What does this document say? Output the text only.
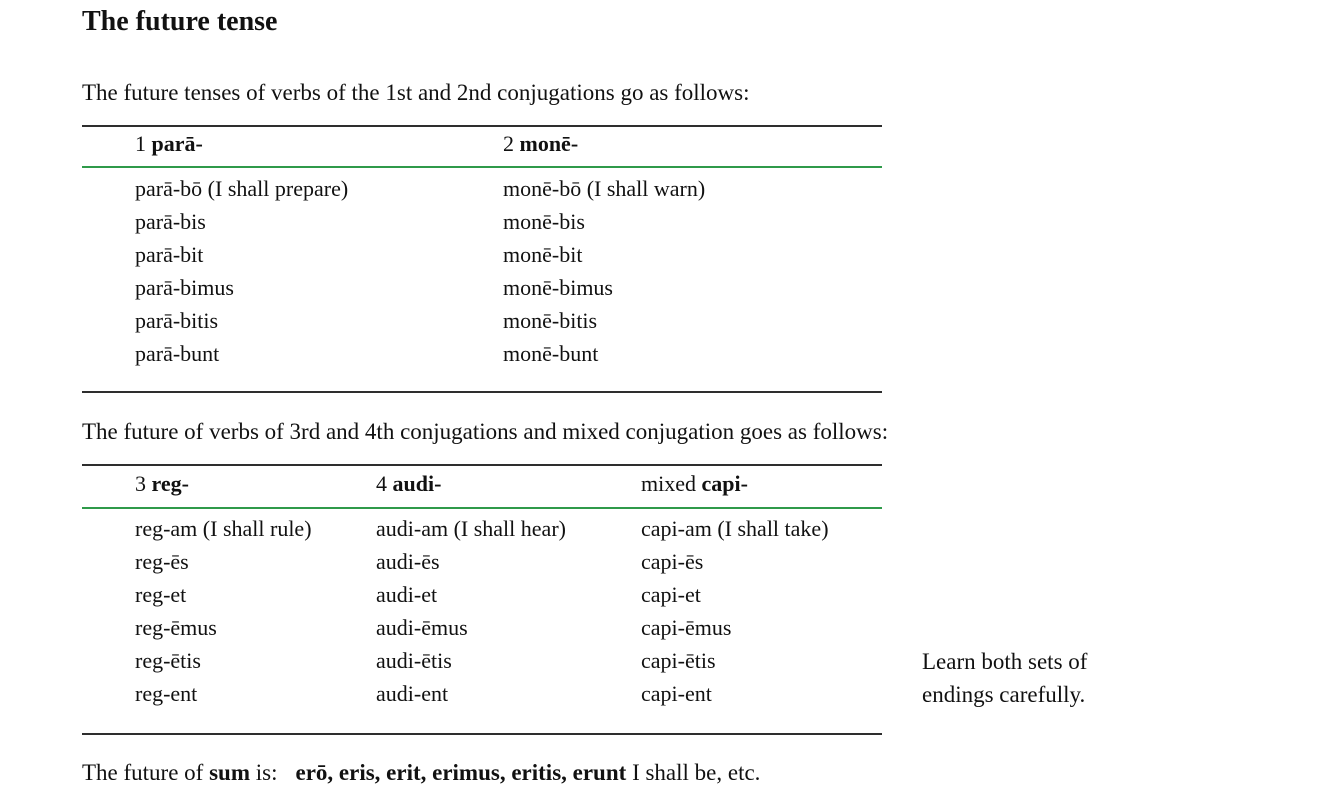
The future tense

The future tenses of verbs of the 1st and 2nd conjugations go as follows:

1 parā-	2 monē-
parā-bō (I shall prepare)	monē-bō (I shall warn)
parā-bis	monē-bis
parā-bit	monē-bit
parā-bimus	monē-bimus
parā-bitis	monē-bitis
parā-bunt	monē-bunt

The future of verbs of 3rd and 4th conjugations and mixed conjugation goes as follows:

3 reg-	4 audi-	mixed capi-
reg-am (I shall rule)	audi-am (I shall hear)	capi-am (I shall take)
reg-ēs	audi-ēs	capi-ēs
reg-et	audi-et	capi-et
reg-ēmus	audi-ēmus	capi-ēmus
reg-ētis	audi-ētis	capi-ētis
reg-ent	audi-ent	capi-ent
Learn both sets of
endings carefully.

The future of sum is: erō, eris, erit, erimus, eritis, erunt I shall be, etc.
